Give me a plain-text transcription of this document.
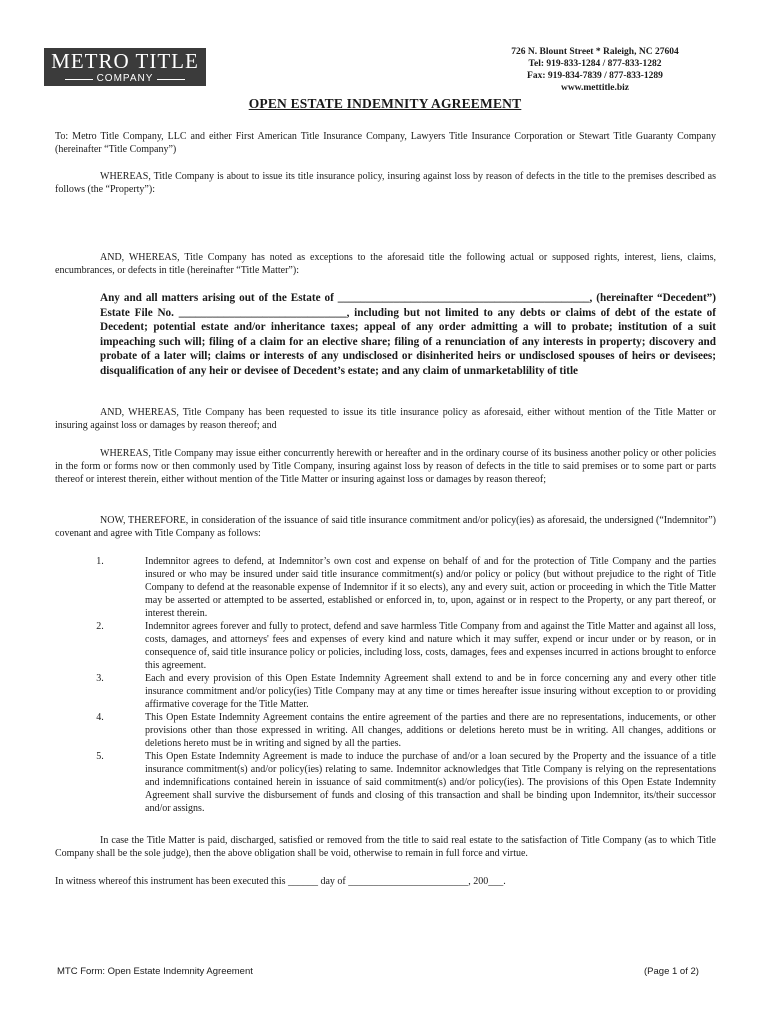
METRO TITLE
COMPANY
726 N. Blount Street * Raleigh, NC 27604
Tel: 919-833-1284 / 877-833-1282
Fax: 919-834-7839 / 877-833-1289
www.mettitle.biz
OPEN ESTATE INDEMNITY AGREEMENT
To: Metro Title Company, LLC and either First American Title Insurance Company, Lawyers Title Insurance Corporation or Stewart Title Guaranty Company (hereinafter “Title Company”)
WHEREAS, Title Company is about to issue its title insurance policy, insuring against loss by reason of defects in the title to the premises described as follows (the “Property”):
AND, WHEREAS, Title Company has noted as exceptions to the aforesaid title the following actual or supposed rights, interest, liens, claims, encumbrances, or defects in title (hereinafter “Title Matter”):
Any and all matters arising out of the Estate of _____________________________________________, (hereinafter “Decedent”) Estate File No. ______________________________, including but not limited to any debts or claims of debt of the estate of Decedent; potential estate and/or inheritance taxes; appeal of any order admitting a will to probate; institution of a suit impeaching such will; filing of a claim for an elective share; filing of a renunciation of any interests in property; discovery and probate of a later will; claims or interests of any undisclosed or disinherited heirs or undisclosed spouses of heirs or devisees; disqualification of any heir or devisee of Decedent’s estate; and any claim of unmarketablility of title
AND, WHEREAS, Title Company has been requested to issue its title insurance policy as aforesaid, either without mention of the Title Matter or insuring against loss or damages by reason thereof; and
WHEREAS, Title Company may issue either concurrently herewith or hereafter and in the ordinary course of its business another policy or other policies in the form or forms now or then commonly used by Title Company, insuring against loss by reason of defects in the title to said premises or to some part or parts thereof or interest therein, either without mention of the Title Matter or insuring against loss or damages by reason thereof;
NOW, THEREFORE, in consideration of the issuance of said title insurance commitment and/or policy(ies) as aforesaid, the undersigned (“Indemnitor”) covenant and agree with Title Company as follows:
1.	Indemnitor agrees to defend, at Indemnitor’s own cost and expense on behalf of and for the protection of Title Company and the parties insured or who may be insured under said title insurance commitment(s) and/or policy or policy (but without prejudice to the right of Title Company to defend at the reasonable expense of Indemnitor if it so elects), any and every suit, action or proceeding in which the Title Matter may be asserted or attempted to be asserted, established or enforced in, to, upon, against or in respect to the Property, or any part thereof, or interest therein.
2.	Indemnitor agrees forever and fully to protect, defend and save harmless Title Company from and against the Title Matter and against all loss, costs, damages, and attorneys' fees and expenses of every kind and nature which it may suffer, expend or incur under or by reason, or in consequence of, said title insurance policy or policies, including loss, costs, damages, fees and expenses incurred in actions brought to enforce this agreement.
3.	Each and every provision of this Open Estate Indemnity Agreement shall extend to and be in force concerning any and every other title insurance commitment and/or policy(ies) Title Company may at any time or times hereafter issue insuring without exception to or providing affirmative coverage for the Title Matter.
4.	This Open Estate Indemnity Agreement contains the entire agreement of the parties and there are no representations, inducements, or other provisions other than those expressed in writing. All changes, additions or deletions hereto must be in writing. All changes, additions or deletions hereto must be in writing and signed by all the parties.
5.	This Open Estate Indemnity Agreement is made to induce the purchase of and/or a loan secured by the Property and the issuance of a title insurance commitment(s) and/or policy(ies) relating to same. Indemnitor acknowledges that Title Company is relying on the representations and indemnifications contained herein in issuance of said commitment(s) and/or policy(ies). The provisions of this Open Estate Indemnity Agreement shall survive the disbursement of funds and closing of this transaction and shall be binding upon Indemnitor, its/their successor and/or assigns.
In case the Title Matter is paid, discharged, satisfied or removed from the title to said real estate to the satisfaction of Title Company (as to which Title Company shall be the sole judge), then the above obligation shall be void, otherwise to remain in full force and virtue.
In witness whereof this instrument has been executed this ______ day of ________________________, 200___.
MTC Form: Open Estate Indemnity Agreement	(Page 1 of 2)
